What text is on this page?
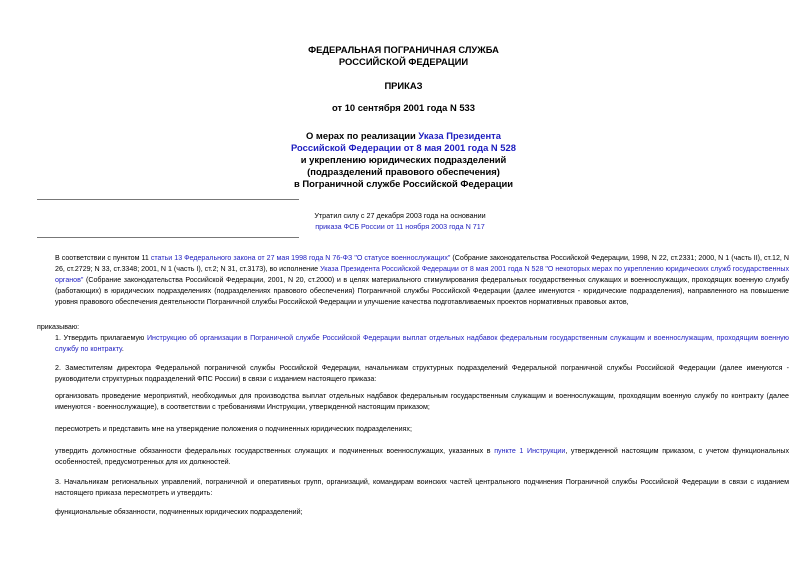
ФЕДЕРАЛЬНАЯ ПОГРАНИЧНАЯ СЛУЖБА
РОССИЙСКОЙ ФЕДЕРАЦИИ
ПРИКАЗ
от 10 сентября 2001 года N 533
О мерах по реализации Указа Президента
Российской Федерации от 8 мая 2001 года N 528
и укреплению юридических подразделений
(подразделений правового обеспечения)
в Пограничной службе Российской Федерации
Утратил силу с 27 декабря 2003 года на основании
приказа ФСБ России от 11 ноября 2003 года N 717
В соответствии с пунктом 11 статьи 13 Федерального закона от 27 мая 1998 года N 76-ФЗ "О статусе военнослужащих" (Собрание законодательства Российской Федерации, 1998, N 22, ст.2331; 2000, N 1 (часть II), ст.12, N 26, ст.2729; N 33, ст.3348; 2001, N 1 (часть I), ст.2; N 31, ст.3173), во исполнение Указа Президента Российской Федерации от 8 мая 2001 года N 528 "О некоторых мерах по укреплению юридических служб государственных органов" (Собрание законодательства Российской Федерации, 2001, N 20, ст.2000) и в целях материального стимулирования федеральных государственных служащих и военнослужащих, проходящих военную службу (работающих) в юридических подразделениях (подразделениях правового обеспечения) Пограничной службы Российской Федерации (далее именуются - юридические подразделения), направленного на повышение уровня правового обеспечения деятельности Пограничной службы Российской Федерации и улучшение качества подготавливаемых проектов нормативных правовых актов,
приказываю:
1. Утвердить прилагаемую Инструкцию об организации в Пограничной службе Российской Федерации выплат отдельных надбавок федеральным государственным служащим и военнослужащим, проходящим военную службу по контракту.
2. Заместителям директора Федеральной пограничной службы Российской Федерации, начальникам структурных подразделений Федеральной пограничной службы Российской Федерации (далее именуются - руководители структурных подразделений ФПС России) в связи с изданием настоящего приказа:
организовать проведение мероприятий, необходимых для производства выплат отдельных надбавок федеральным государственным служащим и военнослужащим, проходящим военную службу по контракту (далее именуются - военнослужащие), в соответствии с требованиями Инструкции, утвержденной настоящим приказом;
пересмотреть и представить мне на утверждение положения о подчиненных юридических подразделениях;
утвердить должностные обязанности федеральных государственных служащих и подчиненных военнослужащих, указанных в пункте 1 Инструкции, утвержденной настоящим приказом, с учетом функциональных особенностей, предусмотренных для их должностей.
3. Начальникам региональных управлений, пограничной и оперативных групп, организаций, командирам воинских частей центрального подчинения Пограничной службы Российской Федерации в связи с изданием настоящего приказа пересмотреть и утвердить:
функциональные обязанности, подчиненных юридических подразделений;
